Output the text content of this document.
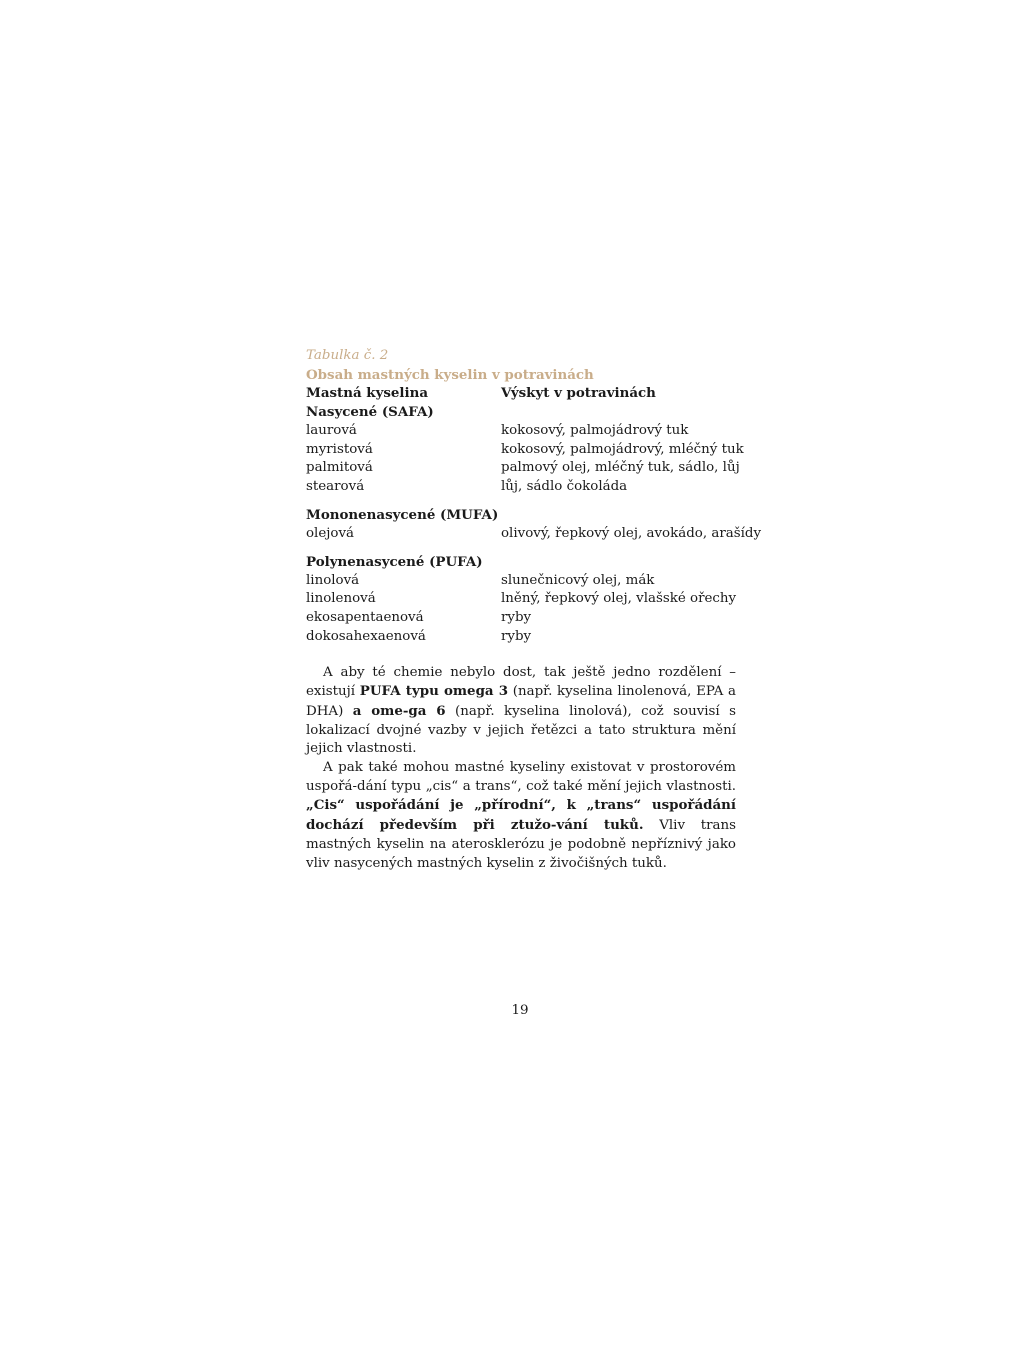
Tabulka č. 2
Obsah mastných kyselin v potravinách
Mastná kyselina	Výskyt v potravinách
Nasycené (SAFA)
laurová	kokosový, palmojádrový tuk
myristová	kokosový, palmojádrový, mléčný tuk
palmitová	palmový olej, mléčný tuk, sádlo, lůj
stearová	lůj, sádlo čokoláda
Mononenasycené (MUFA)
olejová	olivový, řepkový olej, avokádo, arašídy
Polynenasycené (PUFA)
linolová	slunečnicový olej, mák
linolenová	lněný, řepkový olej, vlašské ořechy
ekosapentaenová	ryby
dokosahexaenová	ryby

A aby té chemie nebylo dost, tak ještě jedno rozdělení – existují PUFA typu omega 3 (např. kyselina linolenová, EPA a DHA) a ome-ga 6 (např. kyselina linolová), což souvisí s lokalizací dvojné vazby v jejich řetězci a tato struktura mění jejich vlastnosti.

A pak také mohou mastné kyseliny existovat v prostorovém uspořá-dání typu „cis“ a trans“, což také mění jejich vlastnosti. „Cis“ uspořádání je „přírodní“, k „trans“ uspořádání dochází především při ztužo-vání tuků. Vliv trans mastných kyselin na aterosklerózu je podobně nepříznivý jako vliv nasycených mastných kyselin z živočišných tuků.

19
